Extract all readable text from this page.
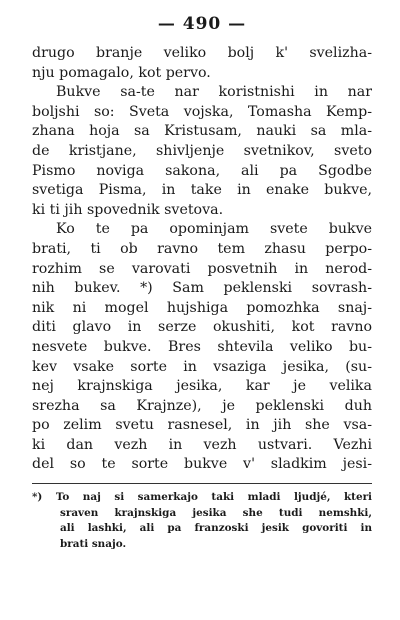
— 490 —
drugo branje veliko bolj k' svelizha-
nju pomagalo, kot pervo.
Bukve sa-te nar koristnishi in nar
boljshi so: Sveta vojska, Tomasha Kemp-
zhana hoja sa Kristusam, nauki sa mla-
de kristjane, shivljenje svetnikov, sveto
Pismo noviga sakona, ali pa Sgodbe
svetiga Pisma, in take in enake bukve,
ki ti jih spovednik svetova.
Ko te pa opominjam svete bukve
brati, ti ob ravno tem zhasu perpo-
rozhim se varovati posvetnih in nerod-
nih bukev. *) Sam peklenski sovrash-
nik ni mogel hujshiga pomozhka snaj-
diti glavo in serze okushiti, kot ravno
nesvete bukve. Bres shtevila veliko bu-
kev vsake sorte in vsaziga jesika, (su-
nej krajnskiga jesika, kar je velika
srezha sa Krajnze), je peklenski duh
po zelim svetu rasnesel, in jih she vsa-
ki dan vezh in vezh ustvari. Vezhi
del so te sorte bukve v' sladkim jesi-
*) To naj si samerkajo taki mladi ljudjé, kteri
sraven krajnskiga jesika she tudi nemshki,
ali lashki, ali pa franzoski jesik govoriti in
brati snajo.
